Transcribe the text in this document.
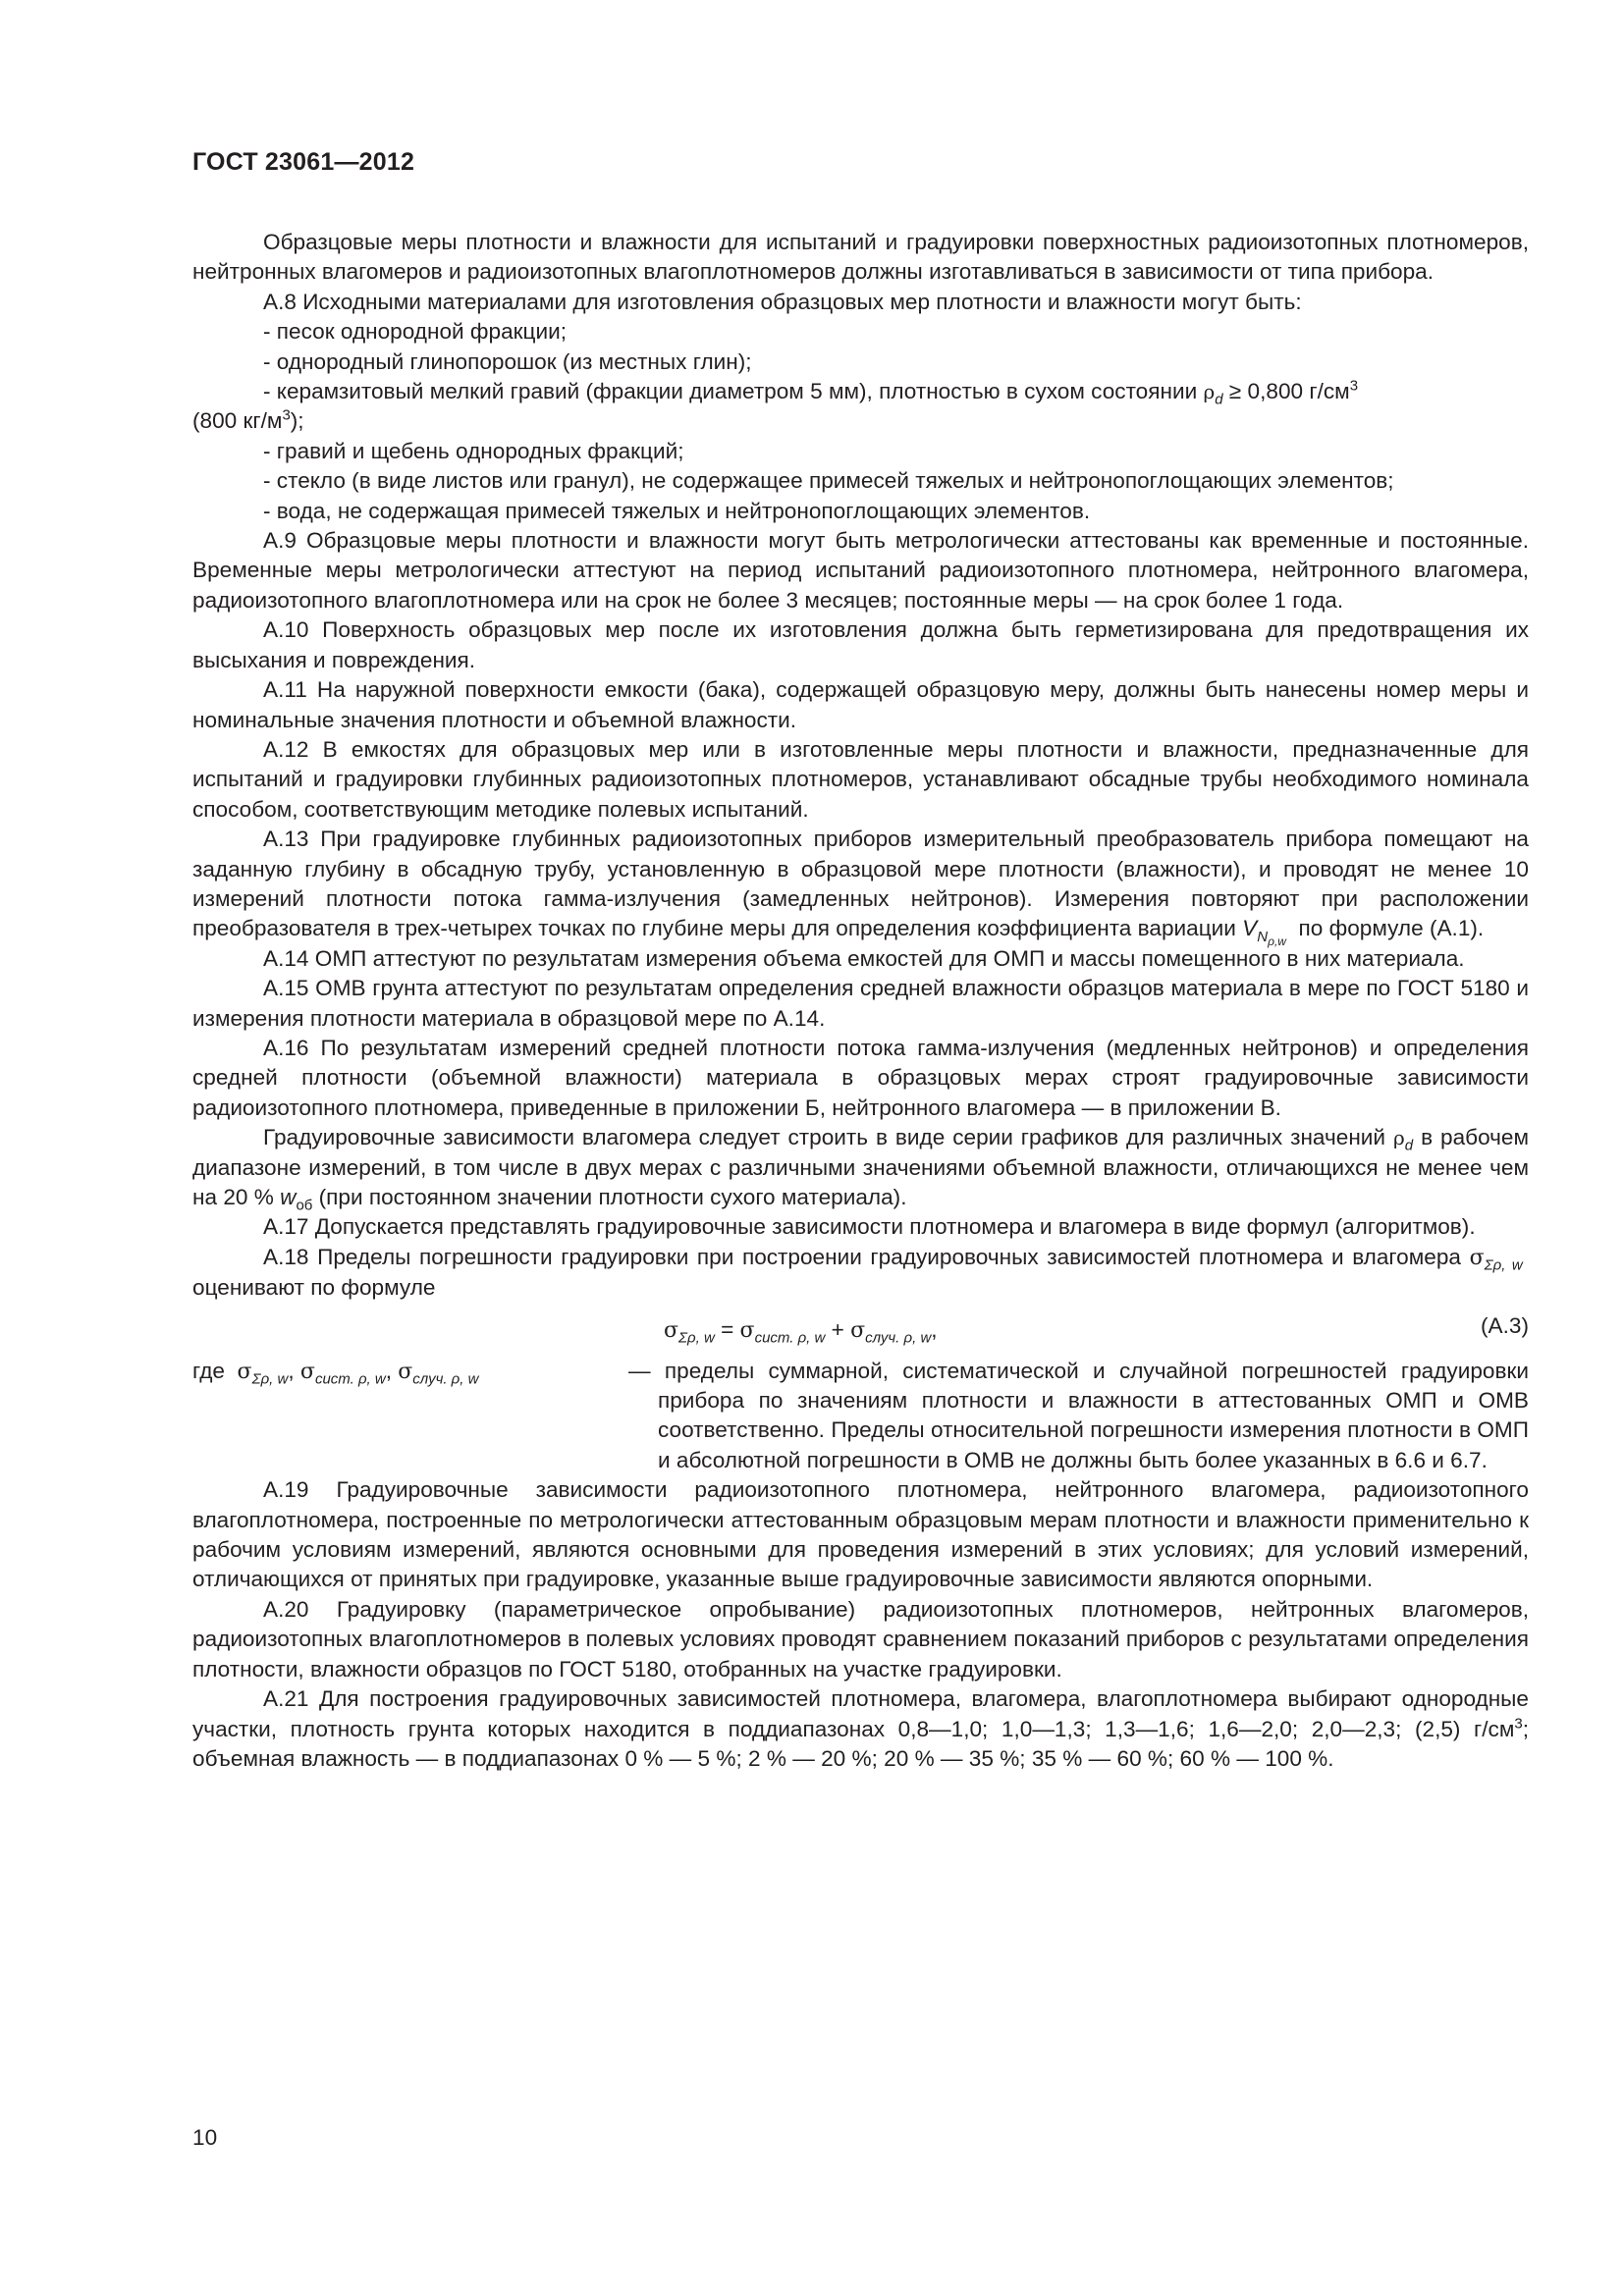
ГОСТ 23061—2012

Образцовые меры плотности и влажности для испытаний и градуировки поверхностных радиоизотопных плотномеров, нейтронных влагомеров и радиоизотопных влагоплотномеров должны изготавливаться в зависимости от типа прибора.

А.8 Исходными материалами для изготовления образцовых мер плотности и влажности могут быть:

- песок однородной фракции;

- однородный глинопорошок (из местных глин);

- керамзитовый мелкий гравий (фракции диаметром 5 мм), плотностью в сухом состоянии $\rho_d \ge 0,800$ $г/см^3$

(800 $кг/м^3$);

- гравий и щебень однородных фракций;

- стекло (в виде листов или гранул), не содержащее примесей тяжелых и нейтронопоглощающих элементов;

- вода, не содержащая примесей тяжелых и нейтронопоглощающих элементов.

А.9 Образцовые меры плотности и влажности могут быть метрологически аттестованы как временные и постоянные. Временные меры метрологически аттестуют на период испытаний радиоизотопного плотномера, нейтронного влагомера, радиоизотопного влагоплотномера или на срок не более 3 месяцев; постоянные меры — на срок более 1 года.

А.10 Поверхность образцовых мер после их изготовления должна быть герметизирована для предотвращения их высыхания и повреждения.

А.11 На наружной поверхности емкости (бака), содержащей образцовую меру, должны быть нанесены номер меры и номинальные значения плотности и объемной влажности.

А.12 В емкостях для образцовых мер или в изготовленные меры плотности и влажности, предназначенные для испытаний и градуировки глубинных радиоизотопных плотномеров, устанавливают обсадные трубы необходимого номинала способом, соответствующим методике полевых испытаний.

А.13 При градуировке глубинных радиоизотопных приборов измерительный преобразователь прибора помещают на заданную глубину в обсадную трубу, установленную в образцовой мере плотности (влажности), и проводят не менее 10 измерений плотности потока гамма-излучения (замедленных нейтронов). Измерения повторяют при расположении преобразователя в трех-четырех точках по глубине меры для определения коэффициента вариации $V_{N_{\rho,w}}$  по формуле (А.1).

А.14 ОМП аттестуют по результатам измерения объема емкостей для ОМП и массы помещенного в них материала.

А.15 ОМВ грунта аттестуют по результатам определения средней влажности образцов материала в мере по ГОСТ 5180 и измерения плотности материала в образцовой мере по А.14.

А.16 По результатам измерений средней плотности потока гамма-излучения (медленных нейтронов) и определения средней плотности (объемной влажности) материала в образцовых мерах строят градуировочные зависимости радиоизотопного плотномера, приведенные в приложении Б, нейтронного влагомера — в приложении В.

Градуировочные зависимости влагомера следует строить в виде серии графиков для различных значений $\rho_d$ в рабочем диапазоне измерений, в том числе в двух мерах с различными значениями объемной влажности, отличающихся не менее чем на 20 % $w_{об}$ (при постоянном значении плотности сухого материала).

А.17 Допускается представлять градуировочные зависимости плотномера и влагомера в виде формул (алгоритмов).

А.18 Пределы погрешности градуировки при построении градуировочных зависимостей плотномера и влагомера $\sigma_{\Sigma\rho, w}$  оценивают по формуле

$\sigma_{\Sigma\rho, w} = \sigma_{сист. \rho, w} + \sigma_{случ. \rho, w}$,	(А.3)
где $\sigma_{\Sigma\rho, w}$, $\sigma_{сист. \rho, w}$, $\sigma_{случ. \rho, w}$	— пределы суммарной, систематической и случайной погрешностей градуировки прибора по значениям плотности и влажности в аттестованных ОМП и ОМВ соответственно. Пределы относительной погрешности измерения плотности в ОМП и абсолютной погрешности в ОМВ не должны быть более указанных в 6.6 и 6.7.

А.19 Градуировочные зависимости радиоизотопного плотномера, нейтронного влагомера, радиоизотопного влагоплотномера, построенные по метрологически аттестованным образцовым мерам плотности и влажности применительно к рабочим условиям измерений, являются основными для проведения измерений в этих условиях; для условий измерений, отличающихся от принятых при градуировке, указанные выше градуировочные зависимости являются опорными.

А.20 Градуировку (параметрическое опробывание) радиоизотопных плотномеров, нейтронных влагомеров, радиоизотопных влагоплотномеров в полевых условиях проводят сравнением показаний приборов с результатами определения плотности, влажности образцов по ГОСТ 5180, отобранных на участке градуировки.

А.21 Для построения градуировочных зависимостей плотномера, влагомера, влагоплотномера выбирают однородные участки, плотность грунта которых находится в поддиапазонах 0,8—1,0; 1,0—1,3; 1,3—1,6; 1,6—2,0; 2,0—2,3; (2,5) $г/см^3$; объемная влажность — в поддиапазонах 0 % — 5 %; 2 % — 20 %; 20 % — 35 %; 35 % — 60 %; 60 % — 100 %.

10
